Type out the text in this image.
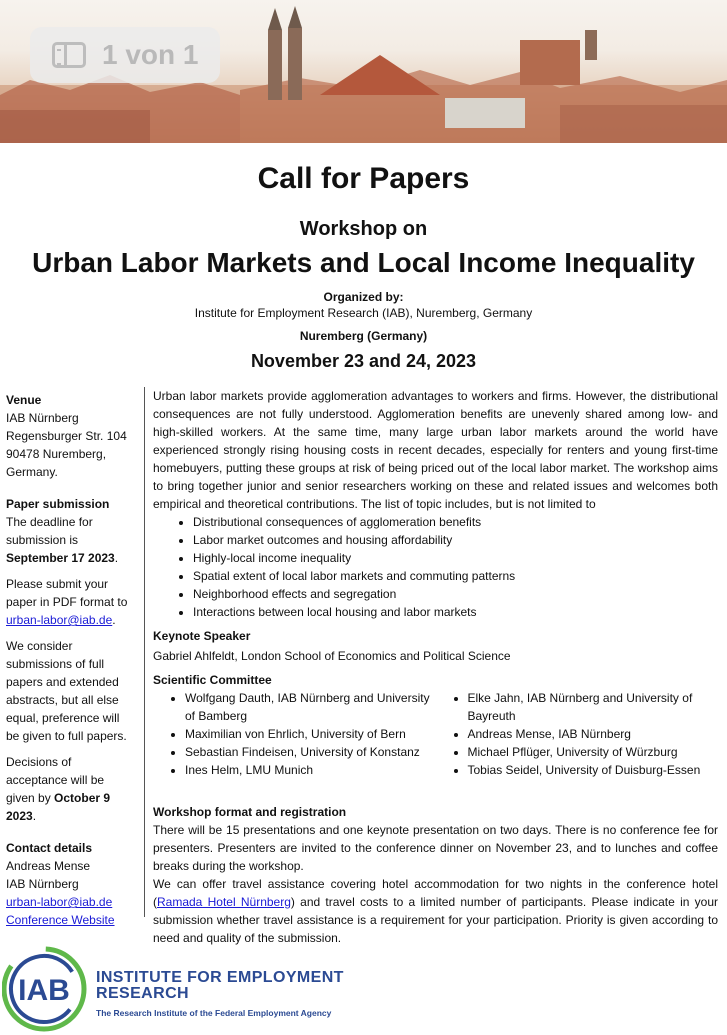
1 von 1
Call for Papers
Workshop on
Urban Labor Markets and Local Income Inequality
Organized by:
Institute for Employment Research (IAB), Nuremberg, Germany
Nuremberg (Germany)
November 23 and 24, 2023

Venue

IAB Nürnberg

Regensburger Str. 104

90478 Nuremberg,

Germany.

Paper submission

The deadline for submission is September 17 2023.

Please submit your paper in PDF format to urban-labor@iab.de.

We consider submissions of full papers and extended abstracts, but all else equal, preference will be given to full papers.

Decisions of acceptance will be given by October 9 2023.

Contact details

Andreas Mense

IAB Nürnberg

urban-labor@iab.de

Conference Website

Urban labor markets provide agglomeration advantages to workers and firms. However, the distributional consequences are not fully understood. Agglomeration benefits are unevenly shared among low- and high-skilled workers. At the same time, many large urban labor markets around the world have experienced strongly rising housing costs in recent decades, especially for renters and young first-time homebuyers, putting these groups at risk of being priced out of the local labor market. The workshop aims to bring together junior and senior researchers working on these and related issues and welcomes both empirical and theoretical contributions. The list of topic includes, but is not limited to

• Distributional consequences of agglomeration benefits
• Labor market outcomes and housing affordability
• Highly-local income inequality
• Spatial extent of local labor markets and commuting patterns
• Neighborhood effects and segregation
• Interactions between local housing and labor markets

Keynote Speaker

Gabriel Ahlfeldt, London School of Economics and Political Science

Scientific Committee

• Wolfgang Dauth, IAB Nürnberg and University of Bamberg
• Maximilian von Ehrlich, University of Bern
• Sebastian Findeisen, University of Konstanz
• Ines Helm, LMU Munich
• Elke Jahn, IAB Nürnberg and University of Bayreuth
• Andreas Mense, IAB Nürnberg
• Michael Pflüger, University of Würzburg
• Tobias Seidel, University of Duisburg-Essen

Workshop format and registration

There will be 15 presentations and one keynote presentation on two days. There is no conference fee for presenters. Presenters are invited to the conference dinner on November 23, and to lunches and coffee breaks during the workshop.

We can offer travel assistance covering hotel accommodation for two nights in the conference hotel (Ramada Hotel Nürnberg) and travel costs to a limited number of participants. Please indicate in your submission whether travel assistance is a requirement for your participation. Priority is given according to need and quality of the submission.

IAB INSTITUTE FOR EMPLOYMENT
RESEARCH
The Research Institute of the Federal Employment Agency
